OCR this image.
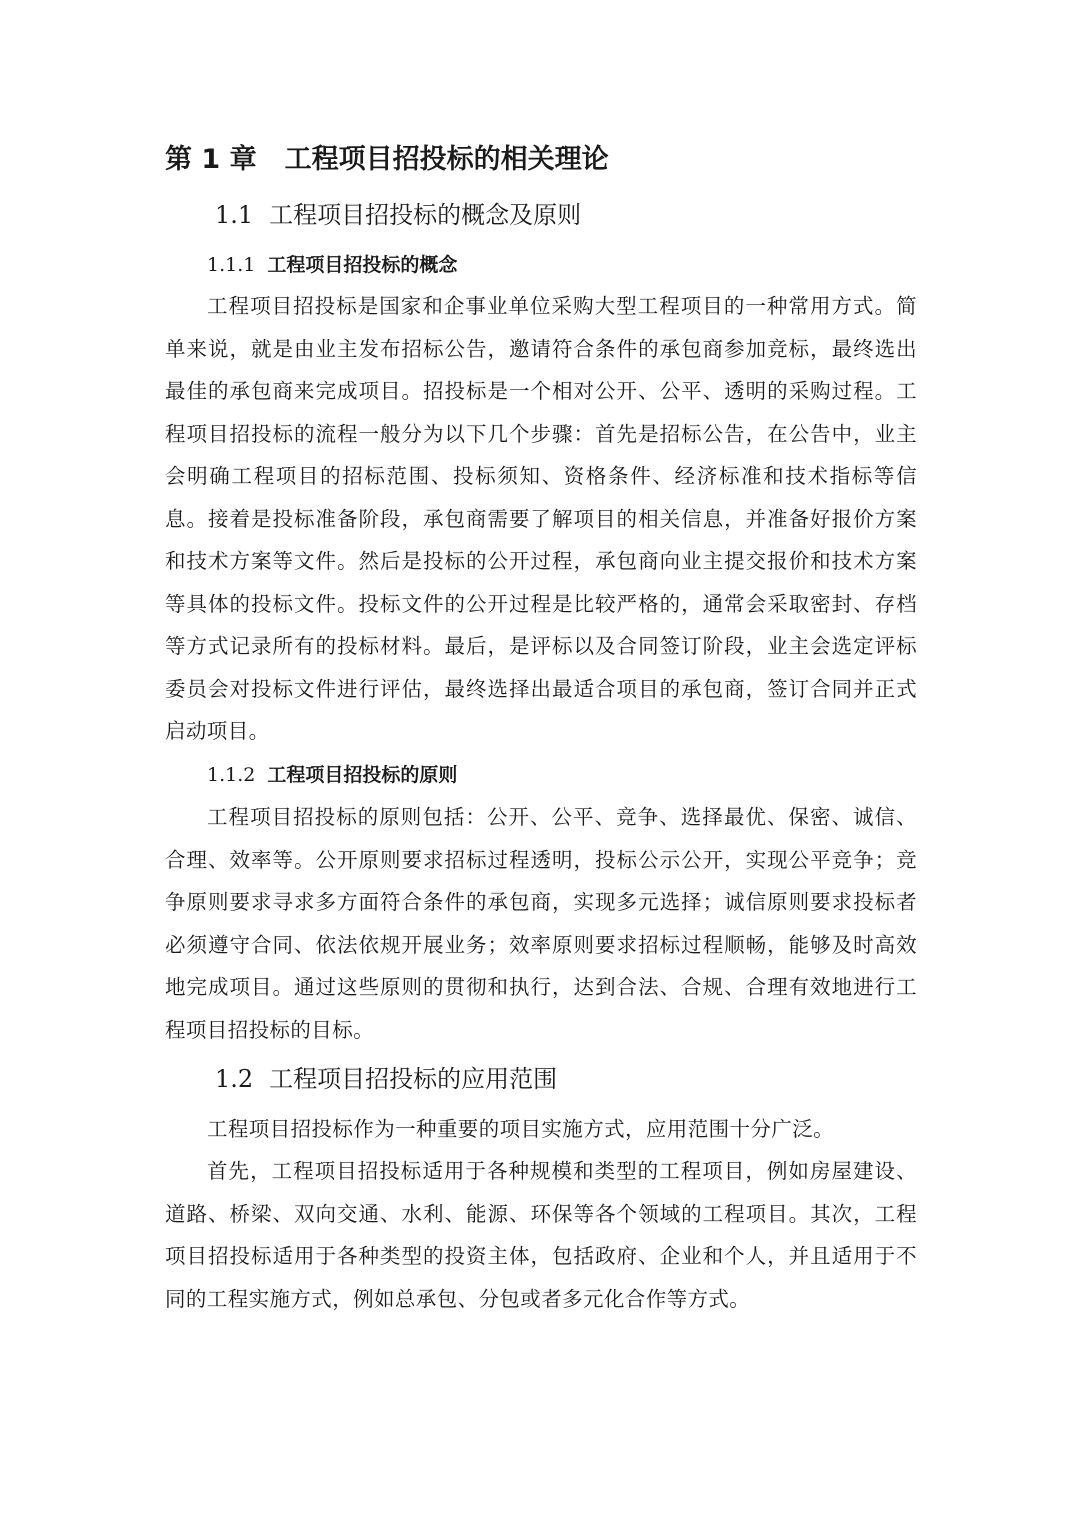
第 1 章 工程项目招投标的相关理论
1.1 工程项目招投标的概念及原则
1.1.1 工程项目招投标的概念

工程项目招投标是国家和企事业单位采购大型工程项目的一种常用方式。简单来说，就是由业主发布招标公告，邀请符合条件的承包商参加竞标，最终选出最佳的承包商来完成项目。招投标是一个相对公开、公平、透明的采购过程。工程项目招投标的流程一般分为以下几个步骤：首先是招标公告，在公告中，业主会明确工程项目的招标范围、投标须知、资格条件、经济标准和技术指标等信息。接着是投标准备阶段，承包商需要了解项目的相关信息，并准备好报价方案和技术方案等文件。然后是投标的公开过程，承包商向业主提交报价和技术方案等具体的投标文件。投标文件的公开过程是比较严格的，通常会采取密封、存档等方式记录所有的投标材料。最后，是评标以及合同签订阶段，业主会选定评标委员会对投标文件进行评估，最终选择出最适合项目的承包商，签订合同并正式启动项目。

1.1.2 工程项目招投标的原则

工程项目招投标的原则包括：公开、公平、竞争、选择最优、保密、诚信、合理、效率等。公开原则要求招标过程透明，投标公示公开，实现公平竞争；竞争原则要求寻求多方面符合条件的承包商，实现多元选择；诚信原则要求投标者必须遵守合同、依法依规开展业务；效率原则要求招标过程顺畅，能够及时高效地完成项目。通过这些原则的贯彻和执行，达到合法、合规、合理有效地进行工程项目招投标的目标。

1.2 工程项目招投标的应用范围

工程项目招投标作为一种重要的项目实施方式，应用范围十分广泛。

首先，工程项目招投标适用于各种规模和类型的工程项目，例如房屋建设、道路、桥梁、双向交通、水利、能源、环保等各个领域的工程项目。其次，工程项目招投标适用于各种类型的投资主体，包括政府、企业和个人，并且适用于不同的工程实施方式，例如总承包、分包或者多元化合作等方式。
